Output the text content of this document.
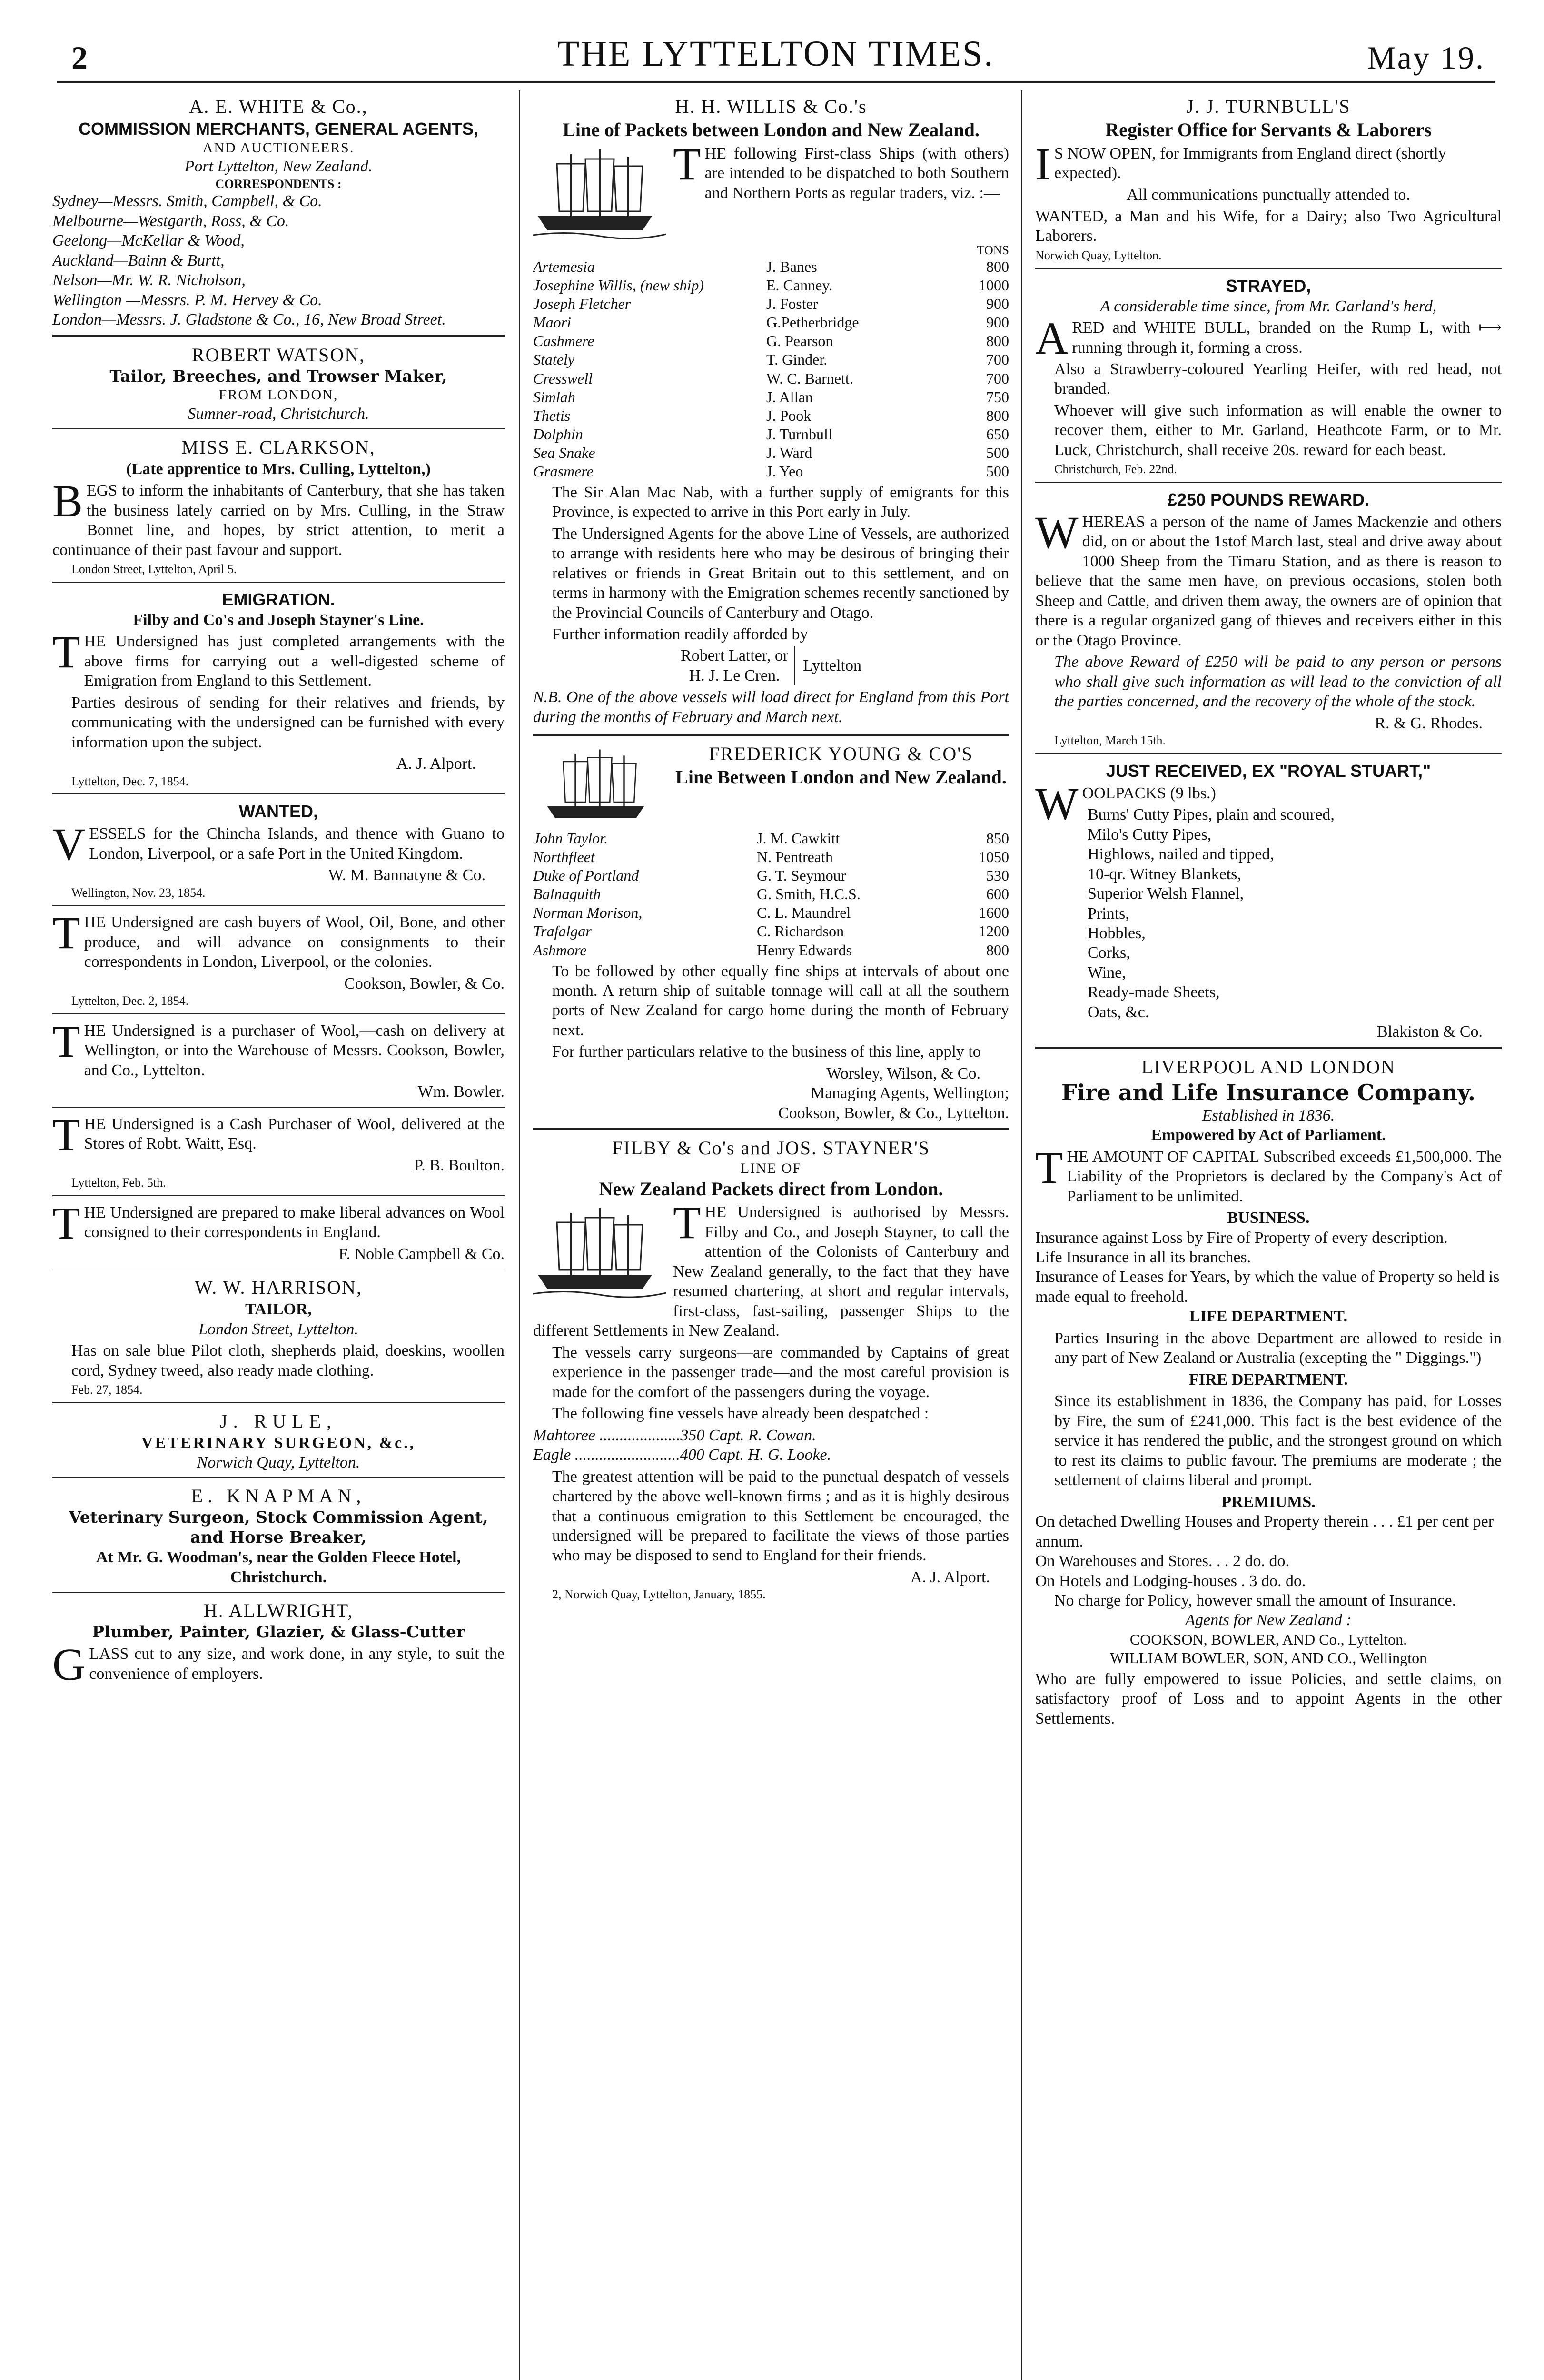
2	THE LYTTELTON TIMES.	May 19.
A. E. WHITE & Co.,
COMMISSION MERCHANTS, GENERAL AGENTS,
AND AUCTIONEERS.
Port Lyttelton, New Zealand.
CORRESPONDENTS :
Sydney—Messrs. Smith, Campbell, & Co.
Melbourne—Westgarth, Ross, & Co.
Geelong—McKellar & Wood,
Auckland—Bainn & Burtt,
Nelson—Mr. W. R. Nicholson,
Wellington —Messrs. P. M. Hervey & Co.
London—Messrs. J. Gladstone & Co., 16, New Broad Street.
ROBERT WATSON,
Tailor, Breeches, and Trowser Maker,
FROM LONDON,
Sumner-road, Christchurch.
MISS E. CLARKSON,
(Late apprentice to Mrs. Culling, Lyttelton,)

BEGS to inform the inhabitants of Canterbury, that she has taken the business lately carried on by Mrs. Culling, in the Straw Bonnet line, and hopes, by strict attention, to merit a continuance of their past favour and support.

London Street, Lyttelton, April 5.
EMIGRATION.
Filby and Co's and Joseph Stayner's Line.

THE Undersigned has just completed arrangements with the above firms for carrying out a well-digested scheme of Emigration from England to this Settlement.

Parties desirous of sending for their relatives and friends, by communicating with the undersigned can be furnished with every information upon the subject.

A. J. Alport.
Lyttelton, Dec. 7, 1854.
WANTED,

VESSELS for the Chincha Islands, and thence with Guano to London, Liverpool, or a safe Port in the United Kingdom.

W. M. Bannatyne & Co.
Wellington, Nov. 23, 1854.

THE Undersigned are cash buyers of Wool, Oil, Bone, and other produce, and will advance on consignments to their correspondents in London, Liverpool, or the colonies.

Cookson, Bowler, & Co.
Lyttelton, Dec. 2, 1854.

THE Undersigned is a purchaser of Wool,—cash on delivery at Wellington, or into the Warehouse of Messrs. Cookson, Bowler, and Co., Lyttelton.

Wm. Bowler.

THE Undersigned is a Cash Purchaser of Wool, delivered at the Stores of Robt. Waitt, Esq.

P. B. Boulton.
Lyttelton, Feb. 5th.

THE Undersigned are prepared to make liberal advances on Wool consigned to their correspondents in England.

F. Noble Campbell & Co.
W. W. HARRISON,
TAILOR,
London Street, Lyttelton.

Has on sale blue Pilot cloth, shepherds plaid, doeskins, woollen cord, Sydney tweed, also ready made clothing.

Feb. 27, 1854.
J. RULE,
VETERINARY SURGEON, &c.,
Norwich Quay, Lyttelton.
E. KNAPMAN,
Veterinary Surgeon, Stock Commission Agent, and Horse Breaker,
At Mr. G. Woodman's, near the Golden Fleece Hotel, Christchurch.
H. ALLWRIGHT,
Plumber, Painter, Glazier, & Glass-Cutter

GLASS cut to any size, and work done, in any style, to suit the convenience of employers.

H. H. WILLIS & Co.'s
Line of Packets between London and New Zealand.

THE following First-class Ships (with others) are intended to be dispatched to both Southern and Northern Ports as regular traders, viz. :—

TONS
Artemesia	J. Banes	800
Josephine Willis, (new ship)	E. Canney.	1000
Joseph Fletcher	J. Foster	900
Maori	G.Petherbridge	900
Cashmere	G. Pearson	800
Stately	T. Ginder.	700
Cresswell	W. C. Barnett.	700
Simlah	J. Allan	750
Thetis	J. Pook	800
Dolphin	J. Turnbull	650
Sea Snake	J. Ward	500
Grasmere	J. Yeo	500

The Sir Alan Mac Nab, with a further supply of emigrants for this Province, is expected to arrive in this Port early in July.

The Undersigned Agents for the above Line of Vessels, are authorized to arrange with residents here who may be desirous of bringing their relatives or friends in Great Britain out to this settlement, and on terms in harmony with the Emigration schemes recently sanctioned by the Provincial Councils of Canterbury and Otago.

Further information readily afforded by

Robert Latter, or
H. J. Le Cren.
Lyttelton

N.B. One of the above vessels will load direct for England from this Port during the months of February and March next.

FREDERICK YOUNG & CO'S
Line Between London and New Zealand.
John Taylor.	J. M. Cawkitt	850
Northfleet	N. Pentreath	1050
Duke of Portland	G. T. Seymour	530
Balnaguith	G. Smith, H.C.S.	600
Norman Morison,	C. L. Maundrel	1600
Trafalgar	C. Richardson	1200
Ashmore	Henry Edwards	800

To be followed by other equally fine ships at intervals of about one month. A return ship of suitable tonnage will call at all the southern ports of New Zealand for cargo home during the month of February next.

For further particulars relative to the business of this line, apply to

Worsley, Wilson, & Co.
Managing Agents, Wellington;
Cookson, Bowler, & Co., Lyttelton.
FILBY & Co's and JOS. STAYNER'S
LINE OF
New Zealand Packets direct from London.

THE Undersigned is authorised by Messrs. Filby and Co., and Joseph Stayner, to call the attention of the Colonists of Canterbury and New Zealand generally, to the fact that they have resumed chartering, at short and regular intervals, first-class, fast-sailing, passenger Ships to the different Settlements in New Zealand.

The vessels carry surgeons—are commanded by Captains of great experience in the passenger trade—and the most careful provision is made for the comfort of the passengers during the voyage.

The following fine vessels have already been despatched :

Mahtoree ....................350 Capt. R. Cowan.
Eagle ..........................400 Capt. H. G. Looke.

The greatest attention will be paid to the punctual despatch of vessels chartered by the above well-known firms ; and as it is highly desirous that a continuous emigration to this Settlement be encouraged, the undersigned will be prepared to facilitate the views of those parties who may be disposed to send to England for their friends.

A. J. Alport.
2, Norwich Quay, Lyttelton, January, 1855.
J. J. TURNBULL'S
Register Office for Servants & Laborers

I S NOW OPEN, for Immigrants from England direct (shortly expected).

All communications punctually attended to.

WANTED, a Man and his Wife, for a Dairy; also Two Agricultural Laborers.

Norwich Quay, Lyttelton.
STRAYED,
A considerable time since, from Mr. Garland's herd,

ARED and WHITE BULL, branded on the Rump L, with ⟼ running through it, forming a cross.

Also a Strawberry-coloured Yearling Heifer, with red head, not branded.

Whoever will give such information as will enable the owner to recover them, either to Mr. Garland, Heathcote Farm, or to Mr. Luck, Christchurch, shall receive 20s. reward for each beast.

Christchurch, Feb. 22nd.
£250 POUNDS REWARD.

WHEREAS a person of the name of James Mackenzie and others did, on or about the 1stof March last, steal and drive away about 1000 Sheep from the Timaru Station, and as there is reason to believe that the same men have, on previous occasions, stolen both Sheep and Cattle, and driven them away, the owners are of opinion that there is a regular organized gang of thieves and receivers either in this or the Otago Province.

The above Reward of £250 will be paid to any person or persons who shall give such information as will lead to the conviction of all the parties concerned, and the recovery of the whole of the stock.

R. & G. Rhodes.
Lyttelton, March 15th.
JUST RECEIVED, EX "ROYAL STUART,"

WOOLPACKS (9 lbs.)

Burns' Cutty Pipes, plain and scoured,
Milo's Cutty Pipes,
Highlows, nailed and tipped,
10-qr. Witney Blankets,
Superior Welsh Flannel,
Prints,
Hobbles,
Corks,
Wine,
Ready-made Sheets,
Oats, &c.
Blakiston & Co.
LIVERPOOL AND LONDON
Fire and Life Insurance Company.
Established in 1836.
Empowered by Act of Parliament.

THE AMOUNT OF CAPITAL Subscribed exceeds £1,500,000. The Liability of the Proprietors is declared by the Company's Act of Parliament to be unlimited.

BUSINESS.
Insurance against Loss by Fire of Property of every description.
Life Insurance in all its branches.
Insurance of Leases for Years, by which the value of Property so held is made equal to freehold.
LIFE DEPARTMENT.

Parties Insuring in the above Department are allowed to reside in any part of New Zealand or Australia (excepting the " Diggings.")

FIRE DEPARTMENT.

Since its establishment in 1836, the Company has paid, for Losses by Fire, the sum of £241,000. This fact is the best evidence of the service it has rendered the public, and the strongest ground on which to rest its claims to public favour. The premiums are moderate ; the settlement of claims liberal and prompt.

PREMIUMS.
On detached Dwelling Houses and Property therein . . . £1 per cent per annum.
On Warehouses and Stores. . . 2 do. do.
On Hotels and Lodging-houses . 3 do. do.
No charge for Policy, however small the amount of Insurance.
Agents for New Zealand :
COOKSON, BOWLER, AND Co., Lyttelton.
WILLIAM BOWLER, SON, AND CO., Wellington

Who are fully empowered to issue Policies, and settle claims, on satisfactory proof of Loss and to appoint Agents in the other Settlements.
